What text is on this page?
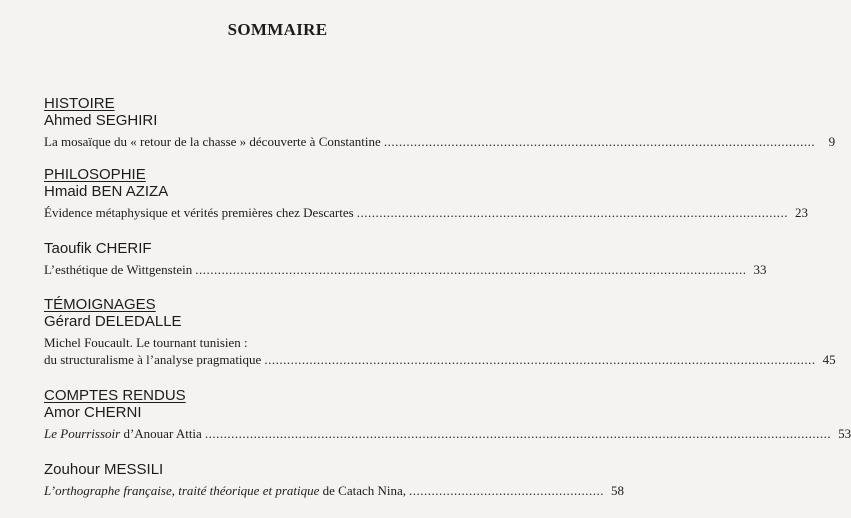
SOMMAIRE
HISTOIRE
Ahmed SEGHIRI
La mosaïque du « retour de la chasse » découverte à Constantine ...................................................................................................................	9
PHILOSOPHIE
Hmaid BEN AZIZA
Évidence métaphysique et vérités premières chez Descartes ................................................................................................................... 23
Taoufik CHERIF
L’esthétique de Wittgenstein ................................................................................................................................................... 33
TÉMOIGNAGES
Gérard DELEDALLE
Michel Foucault. Le tournant tunisien :
du structuralisme à l’analyse pragmatique ................................................................................................................................................... 45
COMPTES RENDUS
Amor CHERNI
Le Pourrissoir d’Anouar Attia ....................................................................................................................................................................... 53
Zouhour MESSILI
L’orthographe française, traité théorique et pratique de Catach Nina, .................................................... 58
